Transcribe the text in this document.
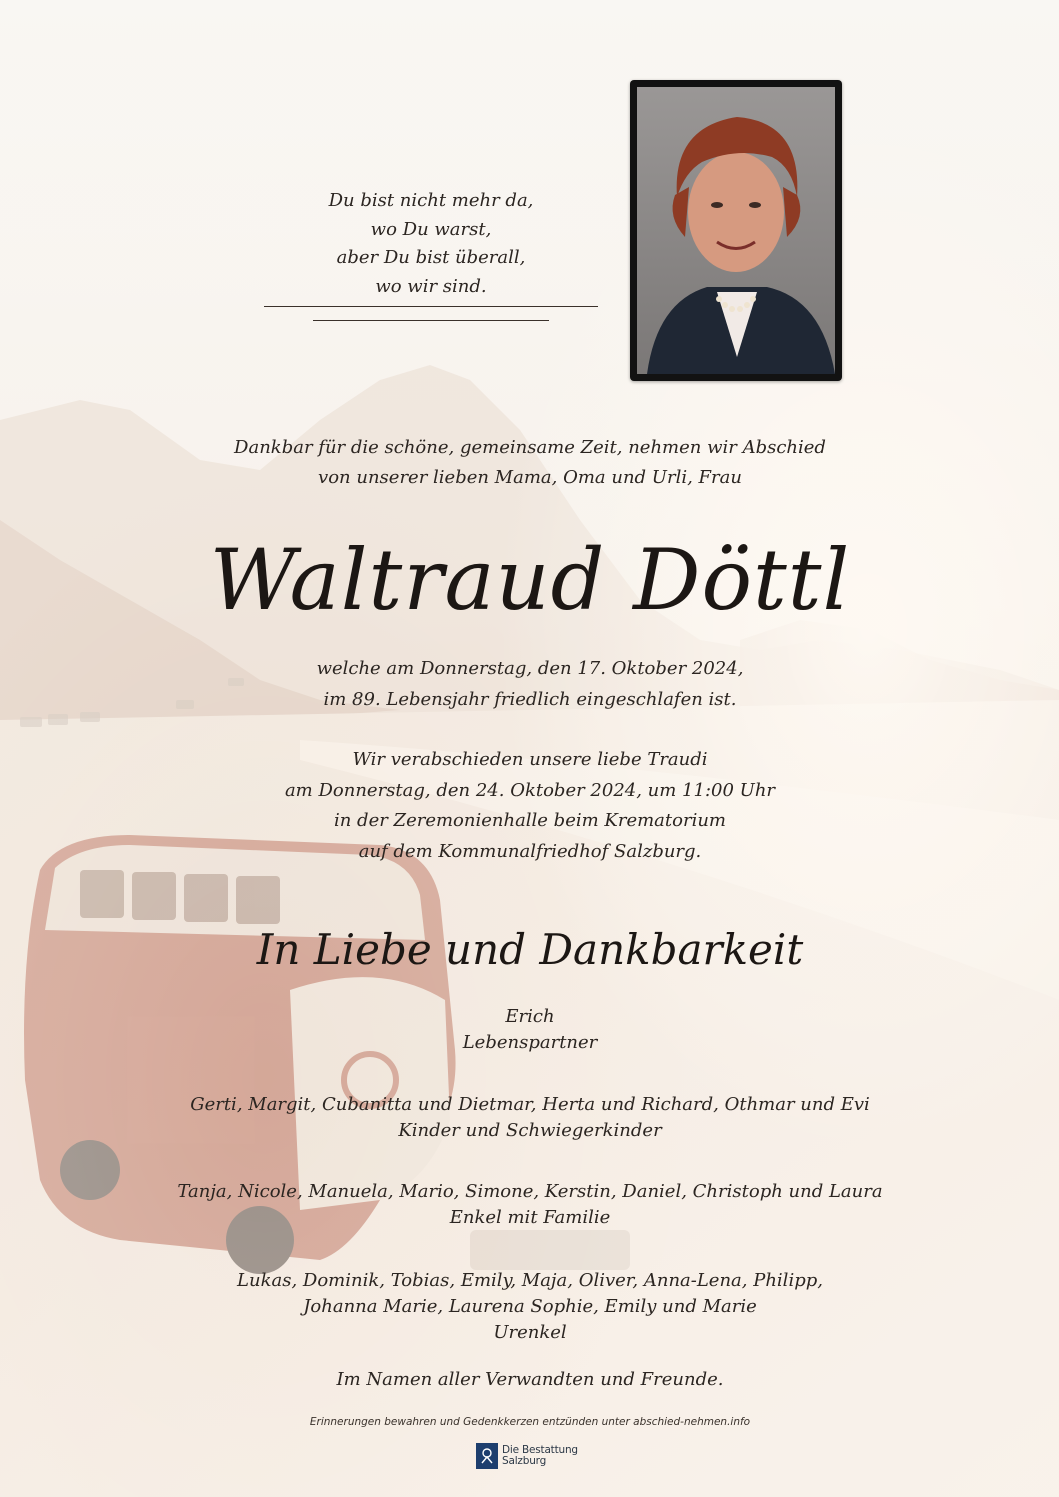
Du bist nicht mehr da,
wo Du warst,
aber Du bist überall,
wo wir sind.
Dankbar für die schöne, gemeinsame Zeit, nehmen wir Abschied
von unserer lieben Mama, Oma und Urli, Frau
Waltraud Döttl
welche am Donnerstag, den 17. Oktober 2024,
im 89. Lebensjahr friedlich eingeschlafen ist.
Wir verabschieden unsere liebe Traudi
am Donnerstag, den 24. Oktober 2024, um 11:00 Uhr
in der Zeremonienhalle beim Krematorium
auf dem Kommunalfriedhof Salzburg.
In Liebe und Dankbarkeit
Erich
Lebenspartner
Gerti, Margit, Cubanitta und Dietmar, Herta und Richard, Othmar und Evi
Kinder und Schwiegerkinder
Tanja, Nicole, Manuela, Mario, Simone, Kerstin, Daniel, Christoph und Laura
Enkel mit Familie
Lukas, Dominik, Tobias, Emily, Maja, Oliver, Anna-Lena, Philipp,
Johanna Marie, Laurena Sophie, Emily und Marie
Urenkel
Im Namen aller Verwandten und Freunde.
Erinnerungen bewahren und Gedenkkerzen entzünden unter abschied-nehmen.info
Die Bestattung
Salzburg
